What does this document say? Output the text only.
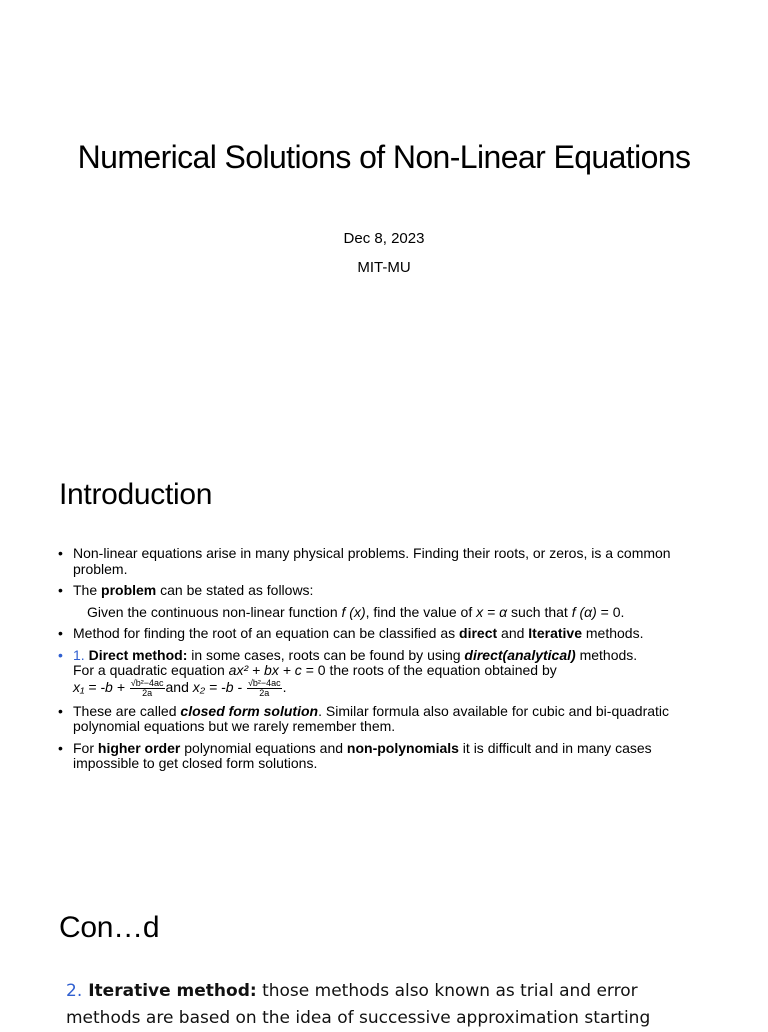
Numerical Solutions of Non-Linear Equations
Dec 8, 2023
MIT-MU
Introduction
• Non-linear equations arise in many physical problems. Finding their roots, or zeros, is a common problem.
• The problem can be stated as follows:
Given the continuous non-linear function f (x), find the value of x = α such that f (α) = 0.
• Method for finding the root of an equation can be classified as direct and Iterative methods.
• 1. Direct method: in some cases, roots can be found by using direct(analytical) methods.
For a quadratic equation ax² + bx + c = 0 the roots of the equation obtained by
$x_1 = -b + \frac{\text{√b²−4ac}}{2a}$ and $x_2 = -b - \frac{\text{√b²−4ac}}{2a}$ .
• These are called closed form solution. Similar formula also available for cubic and bi-quadratic polynomial equations but we rarely remember them.
• For higher order polynomial equations and non-polynomials it is difficult and in many cases impossible to get closed form solutions.
Con…d
2. Iterative method: those methods also known as trial and error methods are based on the idea of successive approximation starting
